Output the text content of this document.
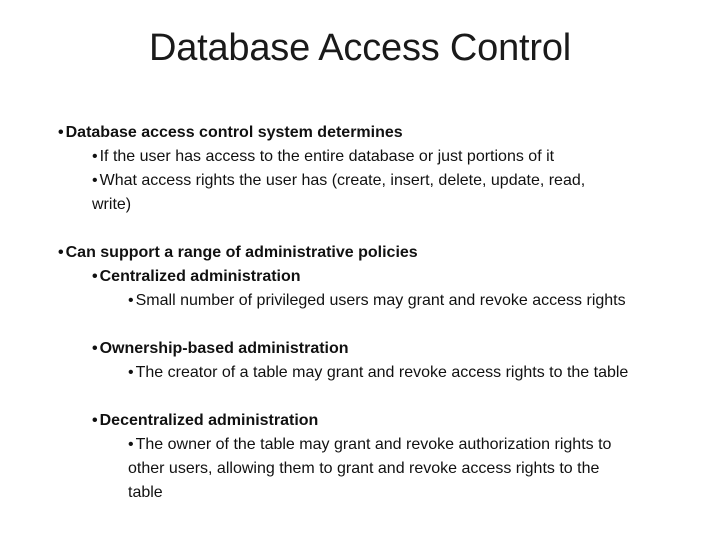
Database Access Control
• Database access control system determines
• If the user has access to the entire database or just portions of it
• What access rights the user has (create, insert, delete, update, read,
write)
• Can support a range of administrative policies
• Centralized administration
• Small number of privileged users may grant and revoke access rights
• Ownership-based administration
• The creator of a table may grant and revoke access rights to the table
• Decentralized administration
• The owner of the table may grant and revoke authorization rights to
other users, allowing them to grant and revoke access rights to the
table
